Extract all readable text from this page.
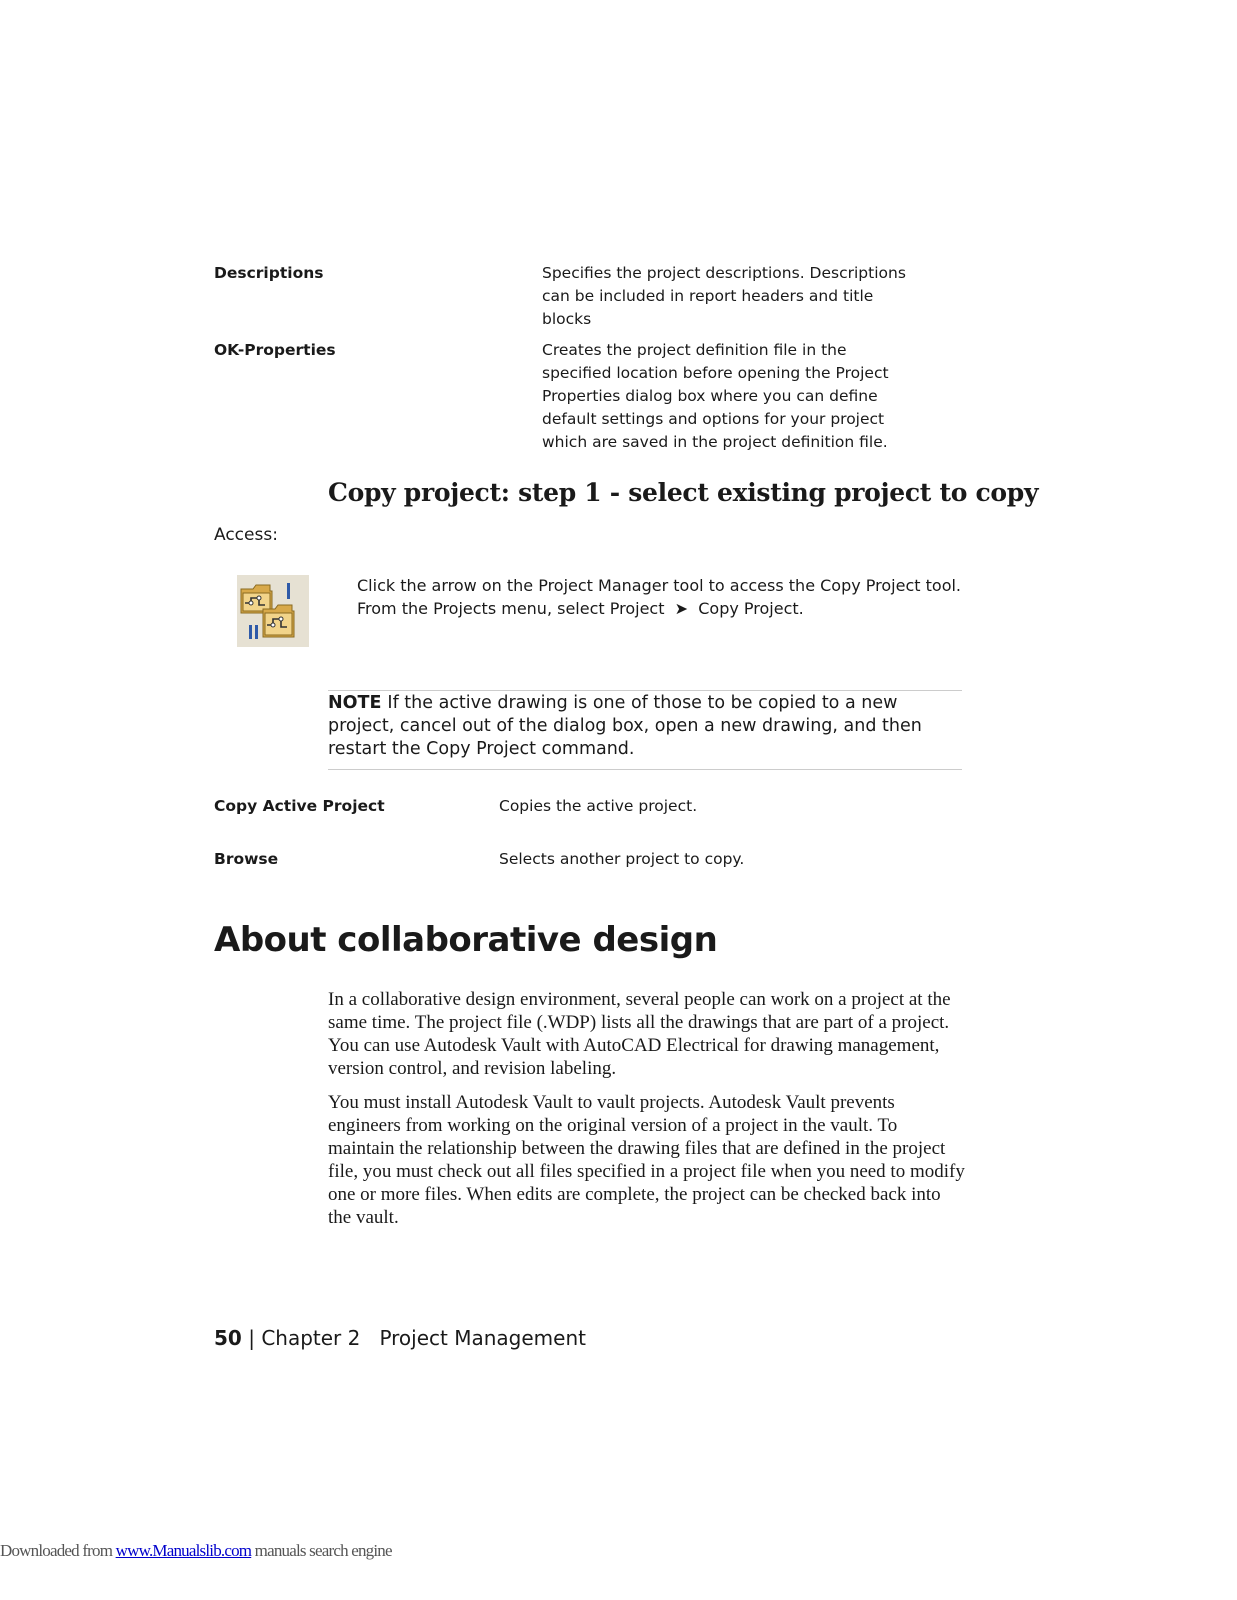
Descriptions	Specifies the project descriptions. Descriptions can be included in report headers and title blocks
OK-Properties	Creates the project definition file in the specified location before opening the Project Properties dialog box where you can define default settings and options for your project which are saved in the project definition file.
Copy project: step 1 - select existing project to copy
Access:
Click the arrow on the Project Manager tool to access the Copy Project tool.
From the Projects menu, select Project ➤ Copy Project.
NOTE If the active drawing is one of those to be copied to a new project, cancel out of the dialog box, open a new drawing, and then restart the Copy Project command.
Copy Active Project	Copies the active project.
Browse	Selects another project to copy.
About collaborative design
In a collaborative design environment, several people can work on a project at the same time. The project file (.WDP) lists all the drawings that are part of a project. You can use Autodesk Vault with AutoCAD Electrical for drawing management, version control, and revision labeling.
You must install Autodesk Vault to vault projects. Autodesk Vault prevents engineers from working on the original version of a project in the vault. To maintain the relationship between the drawing files that are defined in the project file, you must check out all files specified in a project file when you need to modify one or more files. When edits are complete, the project can be checked back into the vault.
50 | Chapter 2 Project Management
Downloaded from www.Manualslib.com manuals search engine
